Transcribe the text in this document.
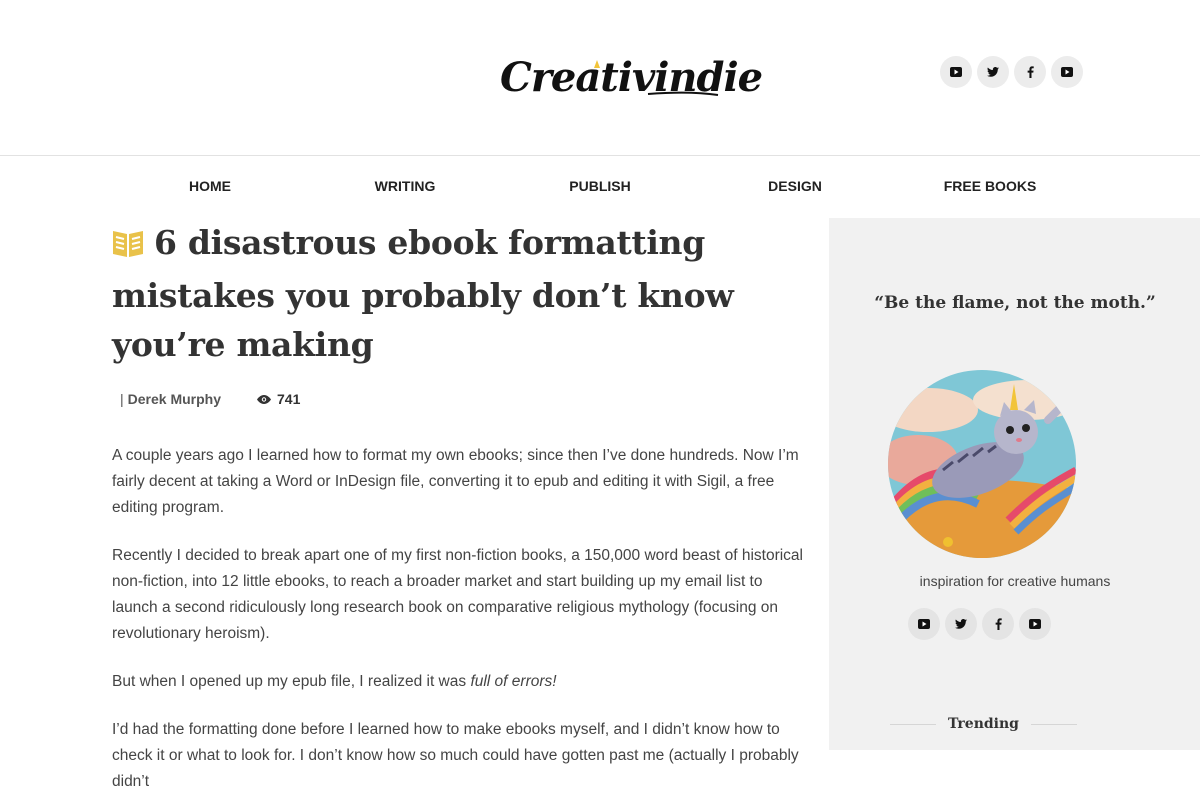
Creativindie
HOME	WRITING	PUBLISH	DESIGN	FREE BOOKS
6 disastrous ebook formatting mistakes you probably don’t know you’re making
| Derek Murphy	741

A couple years ago I learned how to format my own ebooks; since then I’ve done hundreds. Now I’m fairly decent at taking a Word or InDesign file, converting it to epub and editing it with Sigil, a free editing program.

Recently I decided to break apart one of my first non-fiction books, a 150,000 word beast of historical non-fiction, into 12 little ebooks, to reach a broader market and start building up my email list to launch a second ridiculously long research book on comparative religious mythology (focusing on revolutionary heroism).

But when I opened up my epub file, I realized it was full of errors!

I’d had the formatting done before I learned how to make ebooks myself, and I didn’t know how to check it or what to look for. I don’t know how so much could have gotten past me (actually I probably didn’t

“Be the flame, not the moth.”
inspiration for creative humans
Trending
